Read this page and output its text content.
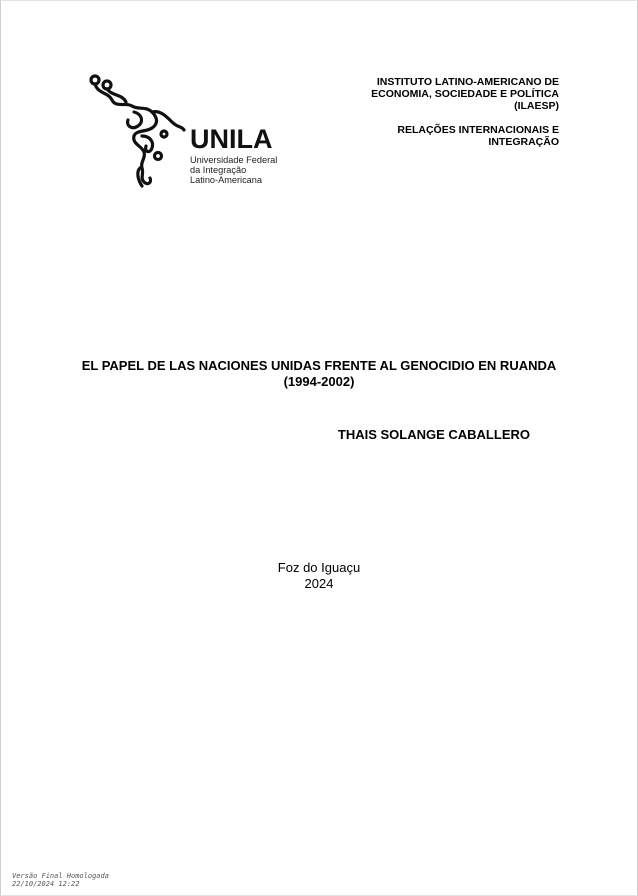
UNILA
Universidade Federal
da Integração
Latino-Americana
INSTITUTO LATINO-AMERICANO DE
ECONOMIA, SOCIEDADE E POLÍTICA
(ILAESP)
RELAÇÕES INTERNACIONAIS E
INTEGRAÇÃO
EL PAPEL DE LAS NACIONES UNIDAS FRENTE AL GENOCIDIO EN RUANDA
(1994-2002)
THAIS SOLANGE CABALLERO
Foz do Iguaçu
2024
Versão Final Homologada
22/10/2024 12:22
